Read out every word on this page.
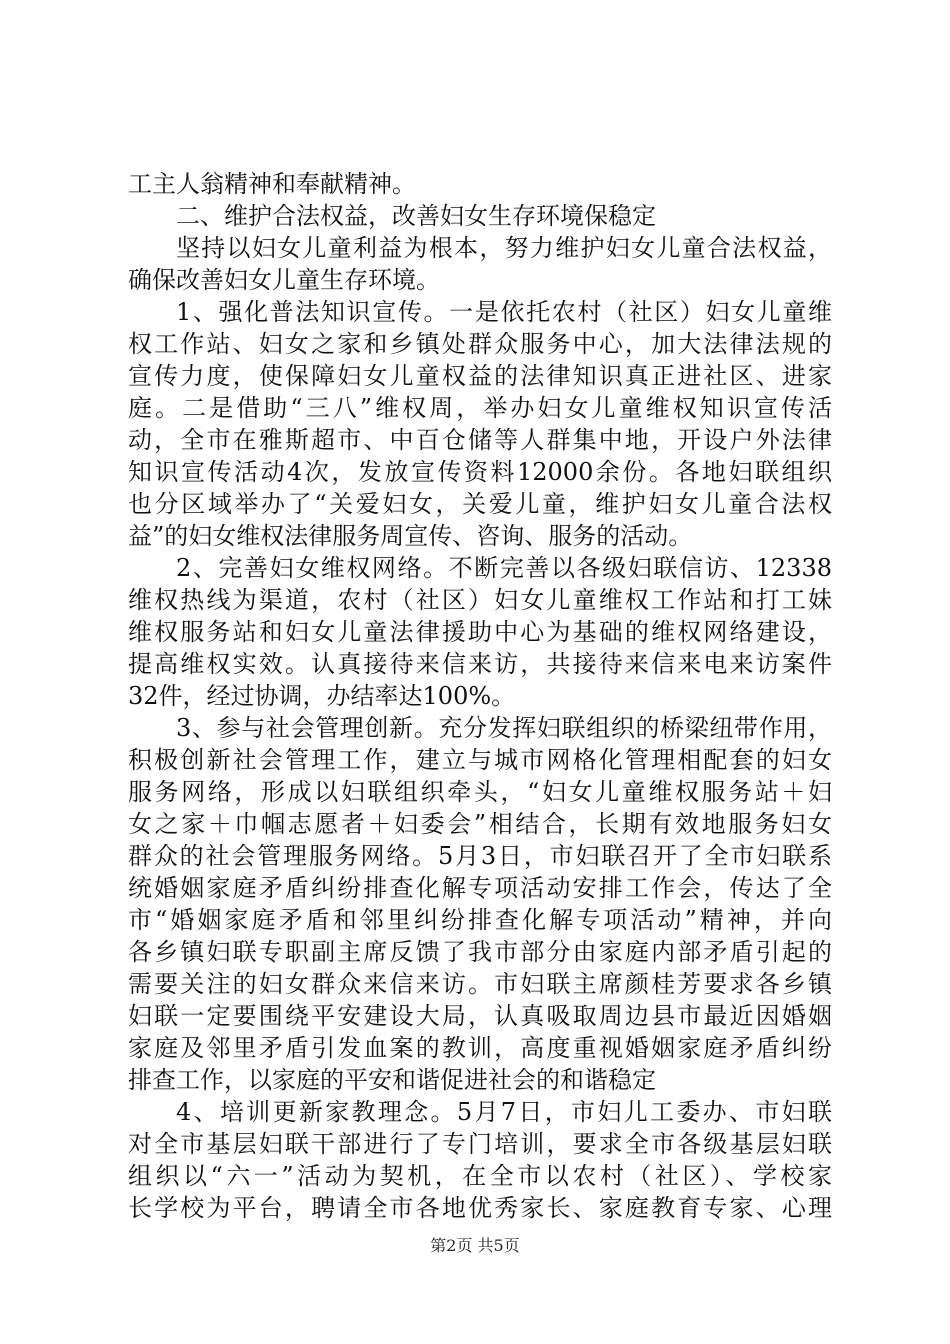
工主人翁精神和奉献精神。
二、维护合法权益，改善妇女生存环境保稳定
坚持以妇女儿童利益为根本，努力维护妇女儿童合法权益，
确保改善妇女儿童生存环境。
1、强化普法知识宣传。一是依托农村（社区）妇女儿童维
权工作站、妇女之家和乡镇处群众服务中心，加大法律法规的
宣传力度，使保障妇女儿童权益的法律知识真正进社区、进家
庭。二是借助“三八”维权周，举办妇女儿童维权知识宣传活
动，全市在雅斯超市、中百仓储等人群集中地，开设户外法律
知识宣传活动4次，发放宣传资料12000余份。各地妇联组织
也分区域举办了“关爱妇女，关爱儿童，维护妇女儿童合法权
益”的妇女维权法律服务周宣传、咨询、服务的活动。
2、完善妇女维权网络。不断完善以各级妇联信访、12338
维权热线为渠道，农村（社区）妇女儿童维权工作站和打工妹
维权服务站和妇女儿童法律援助中心为基础的维权网络建设，
提高维权实效。认真接待来信来访，共接待来信来电来访案件
32件，经过协调，办结率达100%。
3、参与社会管理创新。充分发挥妇联组织的桥梁纽带作用，
积极创新社会管理工作，建立与城市网格化管理相配套的妇女
服务网络，形成以妇联组织牵头，“妇女儿童维权服务站＋妇
女之家＋巾帼志愿者＋妇委会”相结合，长期有效地服务妇女
群众的社会管理服务网络。5月3日，市妇联召开了全市妇联系
统婚姻家庭矛盾纠纷排查化解专项活动安排工作会，传达了全
市“婚姻家庭矛盾和邻里纠纷排查化解专项活动”精神，并向
各乡镇妇联专职副主席反馈了我市部分由家庭内部矛盾引起的
需要关注的妇女群众来信来访。市妇联主席颜桂芳要求各乡镇
妇联一定要围绕平安建设大局，认真吸取周边县市最近因婚姻
家庭及邻里矛盾引发血案的教训，高度重视婚姻家庭矛盾纠纷
排查工作，以家庭的平安和谐促进社会的和谐稳定
4、培训更新家教理念。5月7日，市妇儿工委办、市妇联
对全市基层妇联干部进行了专门培训，要求全市各级基层妇联
组织以“六一”活动为契机，在全市以农村（社区）、学校家
长学校为平台，聘请全市各地优秀家长、家庭教育专家、心理
第2页 共5页
